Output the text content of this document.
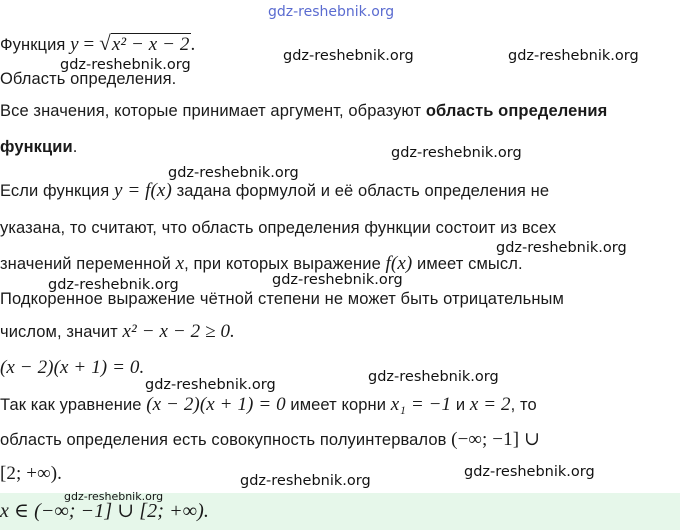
gdz-reshebnik.org
gdz-reshebnik.org	gdz-reshebnik.org
gdz-reshebnik.org
gdz-reshebnik.org
gdz-reshebnik.org
gdz-reshebnik.org
gdz-reshebnik.org
gdz-reshebnik.org
gdz-reshebnik.org
gdz-reshebnik.org
gdz-reshebnik.org
gdz-reshebnik.org
gdz-reshebnik.org
Функция y = √x² − x − 2.
Область определения.
Все значения, которые принимает аргумент, образуют область определения
функции.
Если функция y = f(x) задана формулой и её область определения не
указана, то считают, что область определения функции состоит из всех
значений переменной x, при которых выражение f(x) имеет смысл.
Подкоренное выражение чётной степени не может быть отрицательным
числом, значит x² − x − 2 ≥ 0.
(x − 2)(x + 1) = 0.
Так как уравнение (x − 2)(x + 1) = 0 имеет корни x₁ = −1 и x = 2, то
область определения есть совокупность полуинтервалов (−∞; −1] ∪
[2; +∞).
x ∈ (−∞; −1] ∪ [2; +∞).
